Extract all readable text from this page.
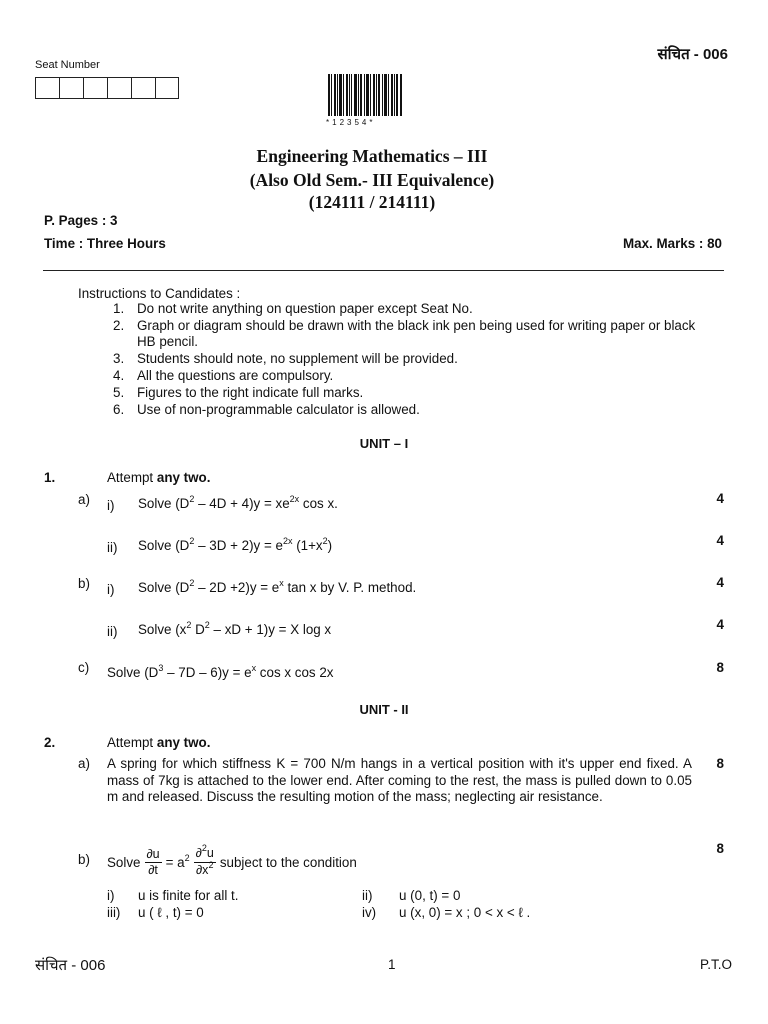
Seat Number
संचित - 006
*12354*
Engineering Mathematics – III
(Also Old Sem.- III Equivalence)
(124111 / 214111)
P. Pages : 3
Time : Three Hours	Max. Marks : 80
Instructions to Candidates :
1. Do not write anything on question paper except Seat No.
2. Graph or diagram should be drawn with the black ink pen being used for writing paper or black HB pencil.
3. Students should note, no supplement will be provided.
4. All the questions are compulsory.
5. Figures to the right indicate full marks.
6. Use of non-programmable calculator is allowed.
UNIT – I
1.	Attempt any two.
a) i) Solve $(D^2 - 4D + 4)y = xe^{2x}$ cos x.	4
ii) Solve $(D^2 - 3D + 2)y = e^{2x}$ $(1+x^2)$	4
b) i) Solve $(D^2 - 2D +2)y = e^x$ tan x by V. P. method.	4
ii) Solve ($x^2$ $D^2$ – xD + 1)y = X log x	4
c) Solve $(D^3 - 7D - 6)y = e^x$ cos x cos 2x	8
UNIT - II
2.	Attempt any two.
a) A spring for which stiffness K = 700 N/m hangs in a vertical position with it's upper end fixed. A mass of 7kg is attached to the lower end. After coming to the rest, the mass is pulled down to 0.05 m and released. Discuss the resulting motion of the mass; neglecting air resistance.
8
b)
8
Solve $\frac{\partial u}{\partial t} = a^2 \frac{\partial^2u}{\partial x^2}$ subject to the condition
i) u is finite for all t.	ii) u (0, t) = 0
iii) u ( ℓ , t) = 0	iv) u (x, 0) = x ; 0 < x < ℓ .
संचित - 006	1	P.T.O
